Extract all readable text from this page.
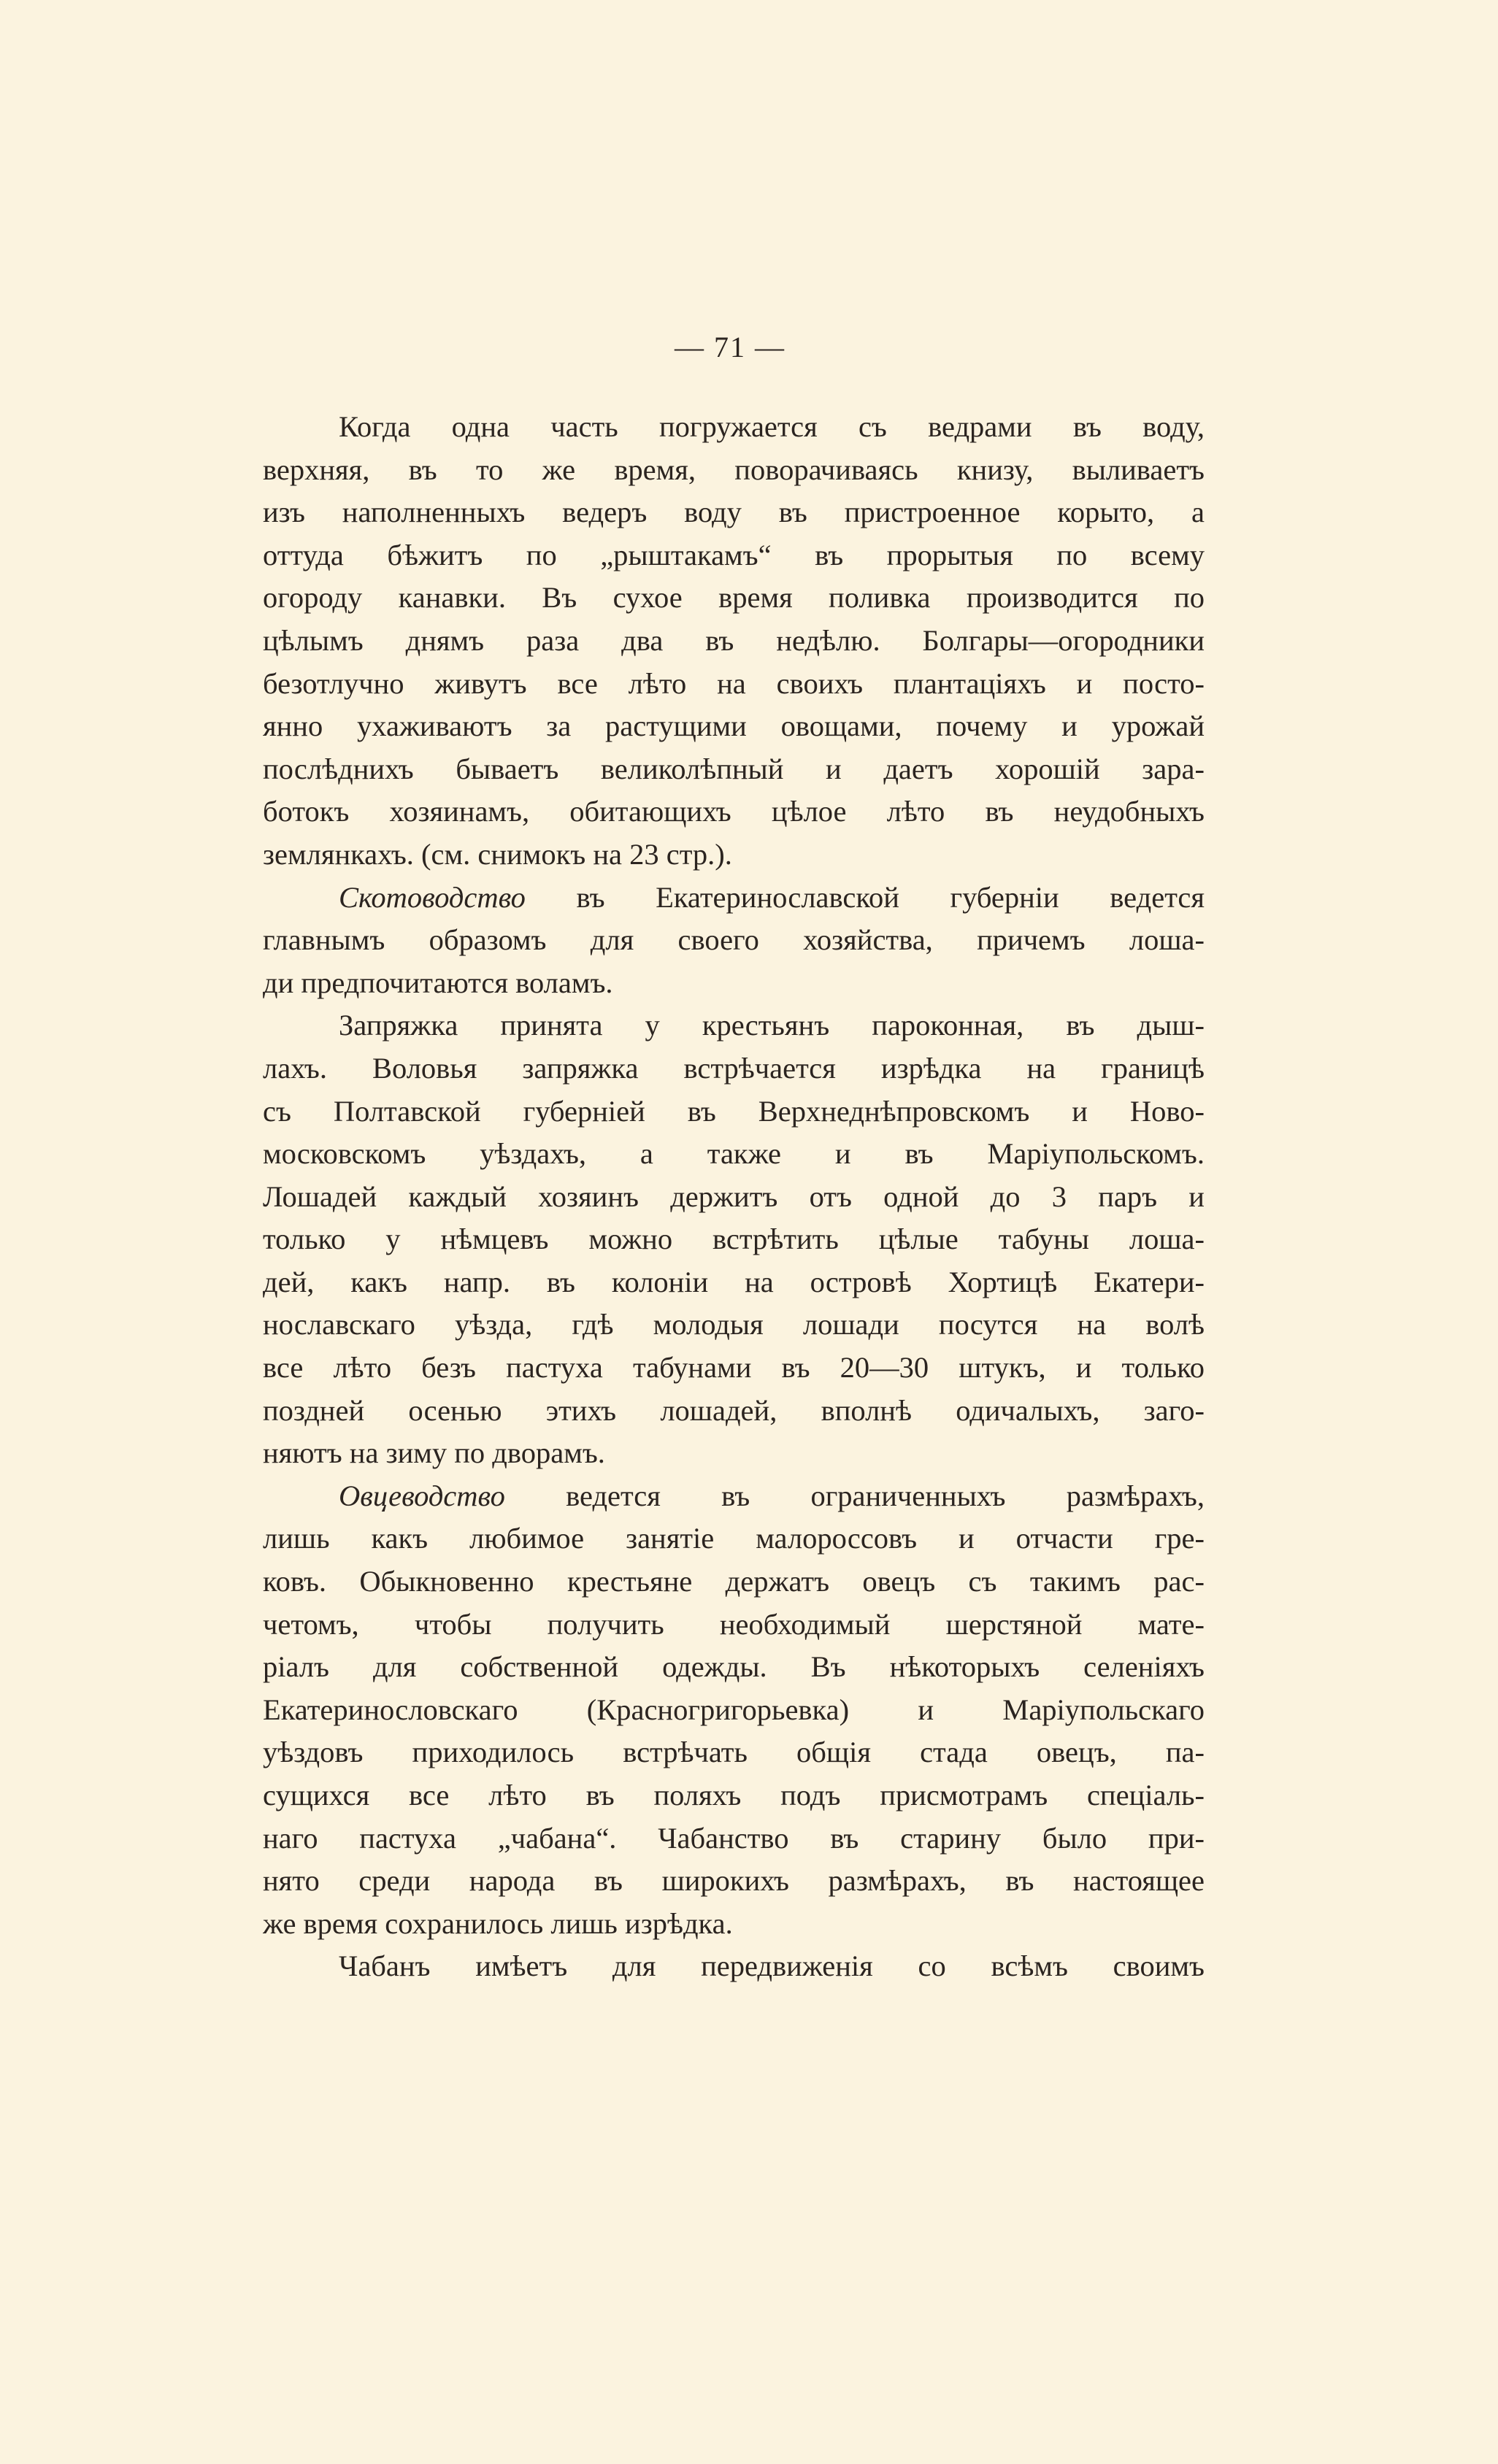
— 71 —
Когда одна часть погружается съ ведрами въ воду,
верхняя, въ то же время, поворачиваясь книзу, выливаетъ
изъ наполненныхъ ведеръ воду въ пристроенное корыто, а
оттуда бѣжитъ по „рыштакамъ“ въ прорытыя по всему
огороду канавки. Въ сухое время поливка производится по
цѣлымъ днямъ раза два въ недѣлю. Болгары—огородники
безотлучно живутъ все лѣто на своихъ плантаціяхъ и посто-
янно ухаживаютъ за растущими овощами, почему и урожай
послѣднихъ бываетъ великолѣпный и даетъ хорошій зара-
ботокъ хозяинамъ, обитающихъ цѣлое лѣто въ неудобныхъ
землянкахъ. (см. снимокъ на 23 стр.).
Скотоводство въ Екатеринославской губерніи ведется
главнымъ образомъ для своего хозяйства, причемъ лоша-
ди предпочитаются воламъ.
Запряжка принята у крестьянъ пароконная, въ дыш-
лахъ. Воловья запряжка встрѣчается изрѣдка на границѣ
съ Полтавской губерніей въ Верхнеднѣпровскомъ и Ново-
московскомъ уѣздахъ, а также и въ Маріупольскомъ.
Лошадей каждый хозяинъ держитъ отъ одной до 3 паръ и
только у нѣмцевъ можно встрѣтить цѣлые табуны лоша-
дей, какъ напр. въ колоніи на островѣ Хортицѣ Екатери-
нославскаго уѣзда, гдѣ молодыя лошади посутся на волѣ
все лѣто безъ пастуха табунами въ 20—30 штукъ, и только
поздней осенью этихъ лошадей, вполнѣ одичалыхъ, заго-
няютъ на зиму по дворамъ.
Овцеводство ведется въ ограниченныхъ размѣрахъ,
лишь какъ любимое занятіе малороссовъ и отчасти гре-
ковъ. Обыкновенно крестьяне держатъ овецъ съ такимъ рас-
четомъ, чтобы получить необходимый шерстяной мате-
ріалъ для собственной одежды. Въ нѣкоторыхъ селеніяхъ
Екатеринословскаго (Красногригорьевка) и Маріупольскаго
уѣздовъ приходилось встрѣчать общія стада овецъ, па-
сущихся все лѣто въ поляхъ подъ присмотрамъ спеціаль-
наго пастуха „чабана“. Чабанство въ старину было при-
нято среди народа въ широкихъ размѣрахъ, въ настоящее
же время сохранилось лишь изрѣдка.
Чабанъ имѣетъ для передвиженія со всѣмъ своимъ
